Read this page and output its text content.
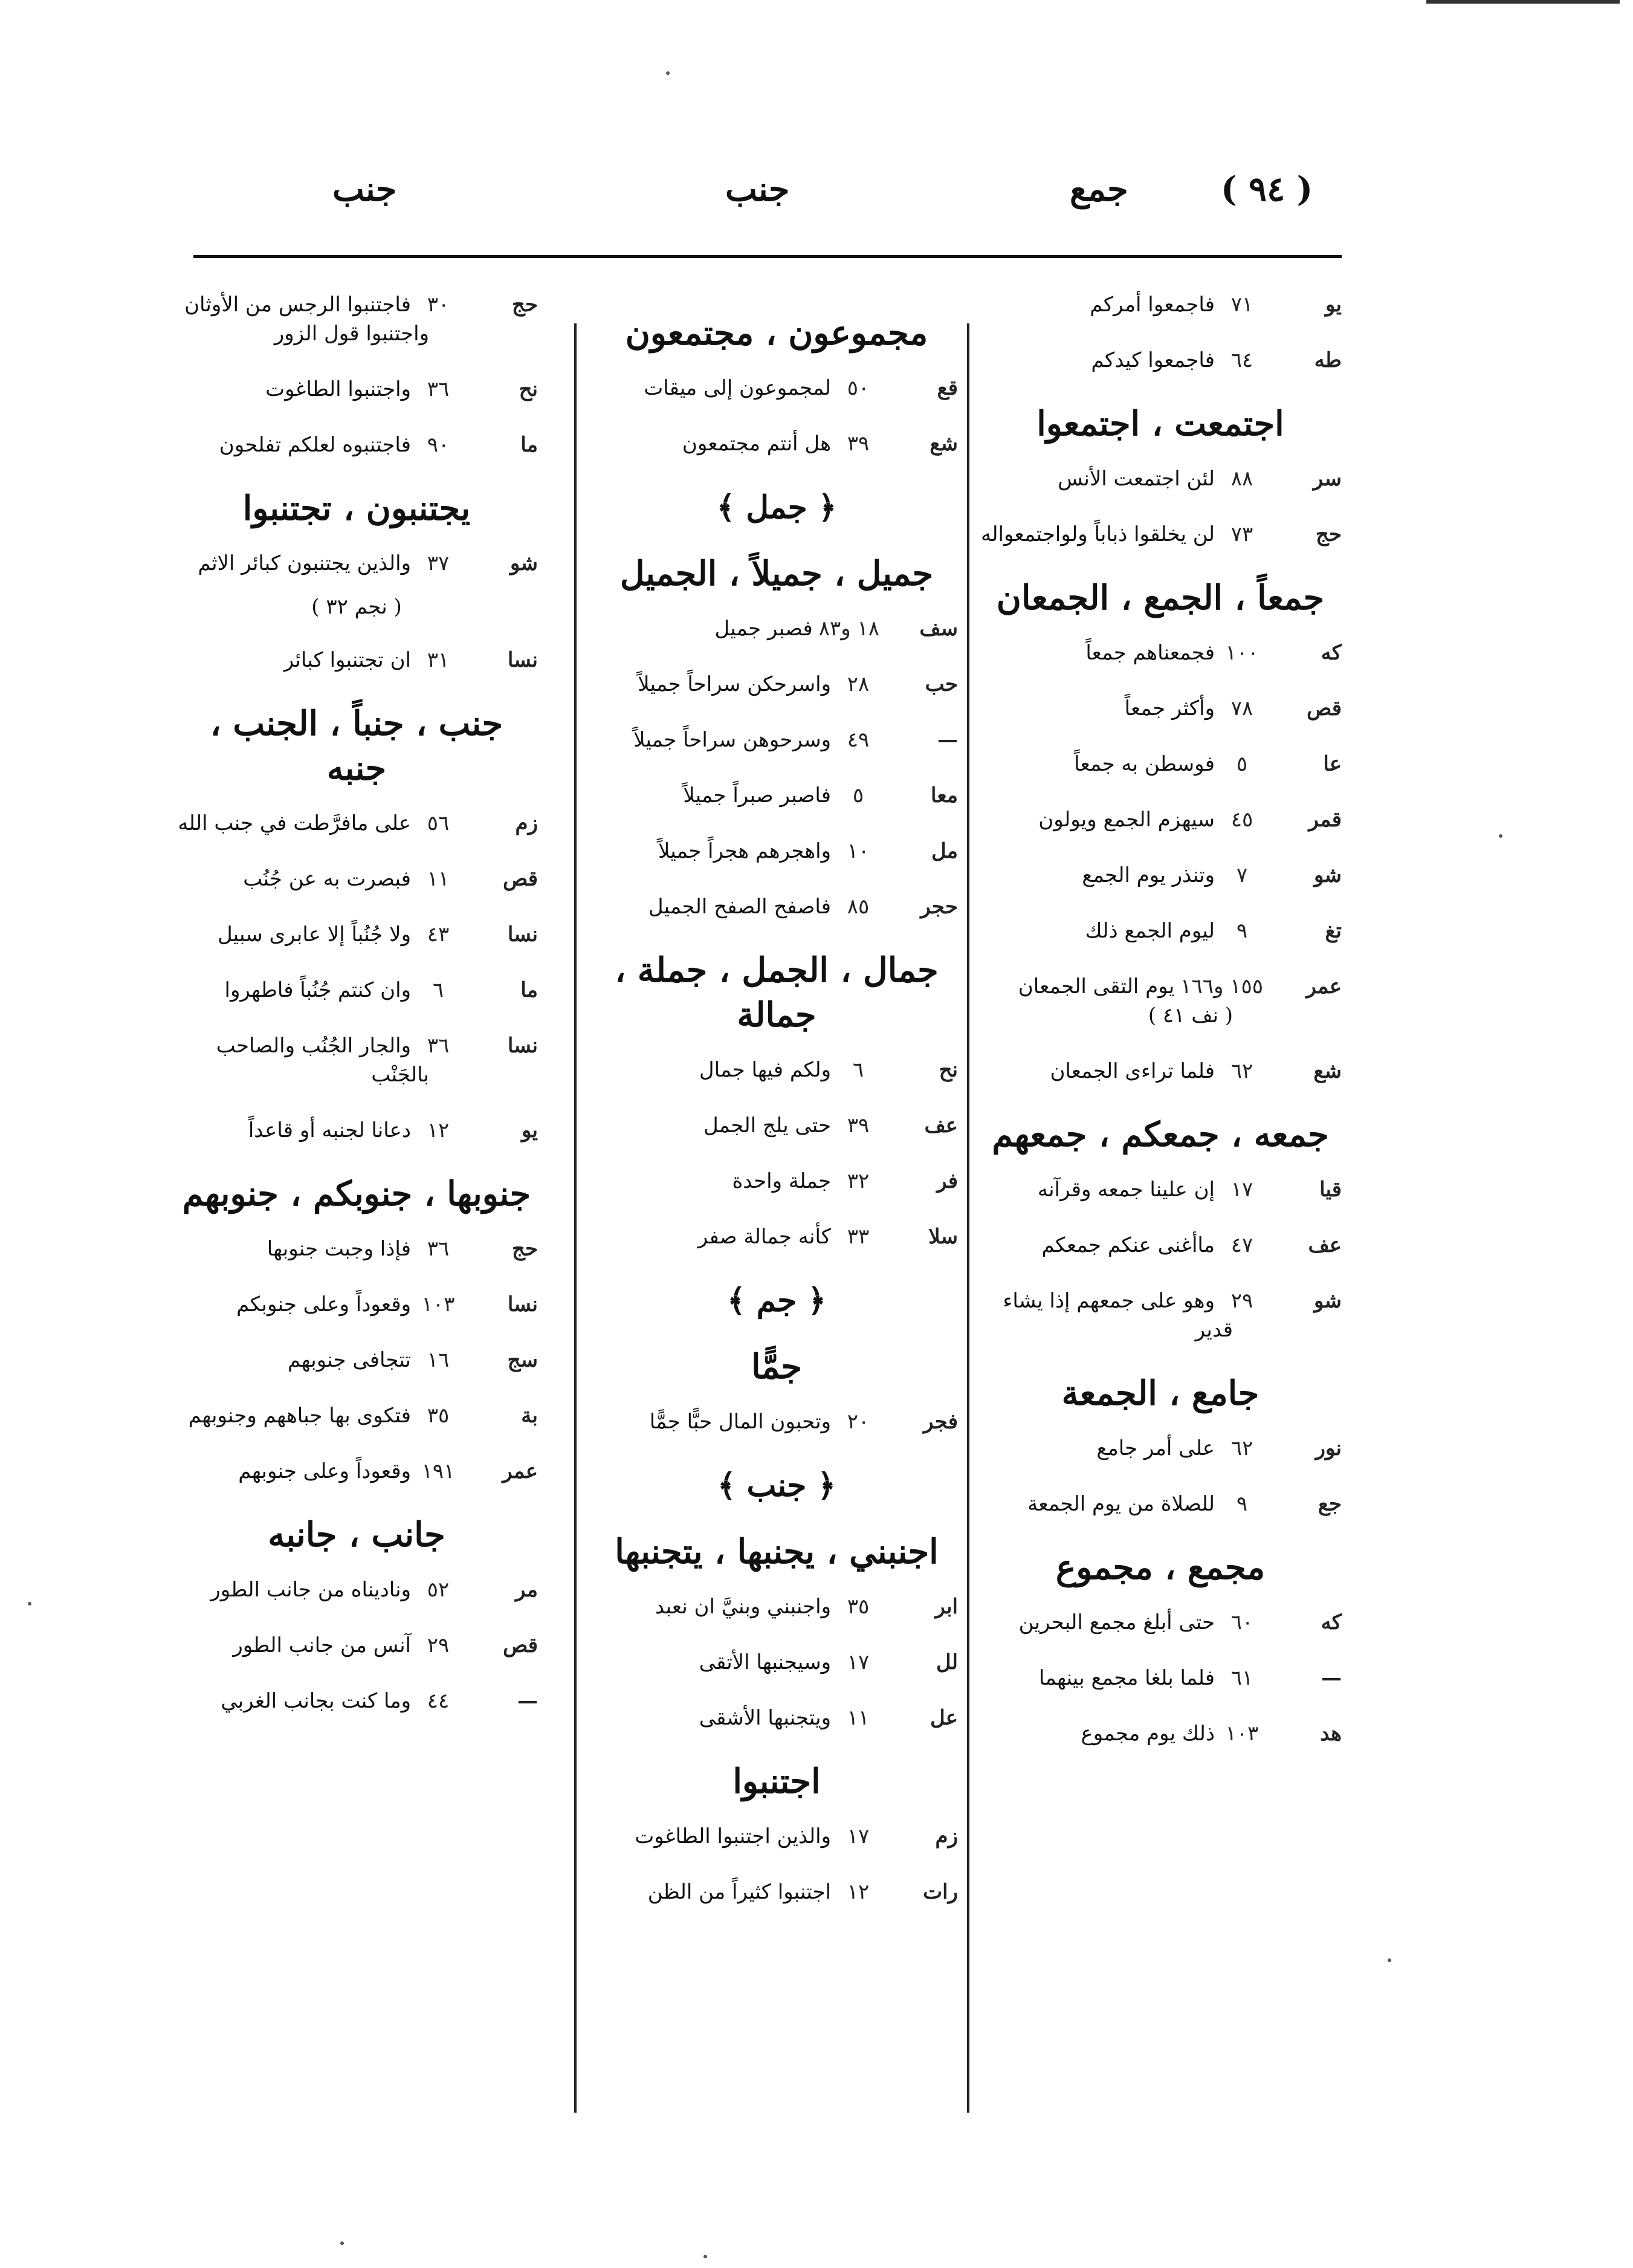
( ٩٤ )
جمع
جنب
جنب
يو٧١فاجمعوا أمركم
طه٦٤فاجمعوا كيدكم
اجتمعت ، اجتمعوا
سر٨٨لئن اجتمعت الأنس
حج٧٣لن يخلقوا ذباباً ولواجتمعواله
جمعاً ، الجمع ، الجمعان
كه١٠٠فجمعناهم جمعاً
قص٧٨وأكثر جمعاً
عا٥فوسطن به جمعاً
قمر٤٥سيهزم الجمع ويولون
شو٧وتنذر يوم الجمع
تغ٩ليوم الجمع ذلك
عمر١٥٥ و١٦٦يوم التقى الجمعان
( نف ٤١ )
شع٦٢فلما تراءى الجمعان
جمعه ، جمعكم ، جمعهم
قيا١٧إن علينا جمعه وقرآنه
عف٤٧ماأغنى عنكم جمعكم
شو٢٩وهو على جمعهم إذا يشاء
قدير
جامع ، الجمعة
نور٦٢على أمر جامع
جع٩للصلاة من يوم الجمعة
مجمع ، مجموع
كه٦٠حتى أبلغ مجمع البحرين
—٦١فلما بلغا مجمع بينهما
هد١٠٣ذلك يوم مجموع
مجموعون ، مجتمعون
قع٥٠لمجموعون إلى ميقات
شع٣٩هل أنتم مجتمعون
﴿ جمل ﴾
جميل ، جميلاً ، الجميل
سف١٨ و٨٣فصبر جميل
حب٢٨واسرحكن سراحاً جميلاً
—٤٩وسرحوهن سراحاً جميلاً
معا٥فاصبر صبراً جميلاً
مل١٠واهجرهم هجراً جميلاً
حجر٨٥فاصفح الصفح الجميل
جمال ، الجمل ، جملة ، جمالة
نح٦ولكم فيها جمال
عف٣٩حتى يلج الجمل
فر٣٢جملة واحدة
سلا٣٣كأنه جمالة صفر
﴿ جم ﴾
جمًّا
فجر٢٠وتحبون المال حبًّا جمًّا
﴿ جنب ﴾
اجنبني ، يجنبها ، يتجنبها
ابر٣٥واجنبني وبنيَّ ان نعبد
لل١٧وسيجنبها الأتقى
عل١١ويتجنبها الأشقى
اجتنبوا
زم١٧والذين اجتنبوا الطاغوت
رات١٢اجتنبوا كثيراً من الظن
حج٣٠فاجتنبوا الرجس من الأوثان
واجتنبوا قول الزور
نح٣٦واجتنبوا الطاغوت
ما٩٠فاجتنبوه لعلكم تفلحون
يجتنبون ، تجتنبوا
شو٣٧والذين يجتنبون كبائر الاثم
( نجم ٣٢ )
نسا٣١ان تجتنبوا كبائر
جنب ، جنباً ، الجنب ، جنبه
زم٥٦على مافرَّطت في جنب الله
قص١١فبصرت به عن جُنُب
نسا٤٣ولا جُنُباً إلا عابرى سبيل
ما٦وان كنتم جُنُباً فاطهروا
نسا٣٦والجار الجُنُب والصاحب
بالجَنْب
يو١٢دعانا لجنبه أو قاعداً
جنوبها ، جنوبكم ، جنوبهم
حج٣٦فإذا وجبت جنوبها
نسا١٠٣وقعوداً وعلى جنوبكم
سج١٦تتجافى جنوبهم
بة٣٥فتكوى بها جباههم وجنوبهم
عمر١٩١وقعوداً وعلى جنوبهم
جانب ، جانبه
مر٥٢وناديناه من جانب الطور
قص٢٩آنس من جانب الطور
—٤٤وما كنت بجانب الغربي
